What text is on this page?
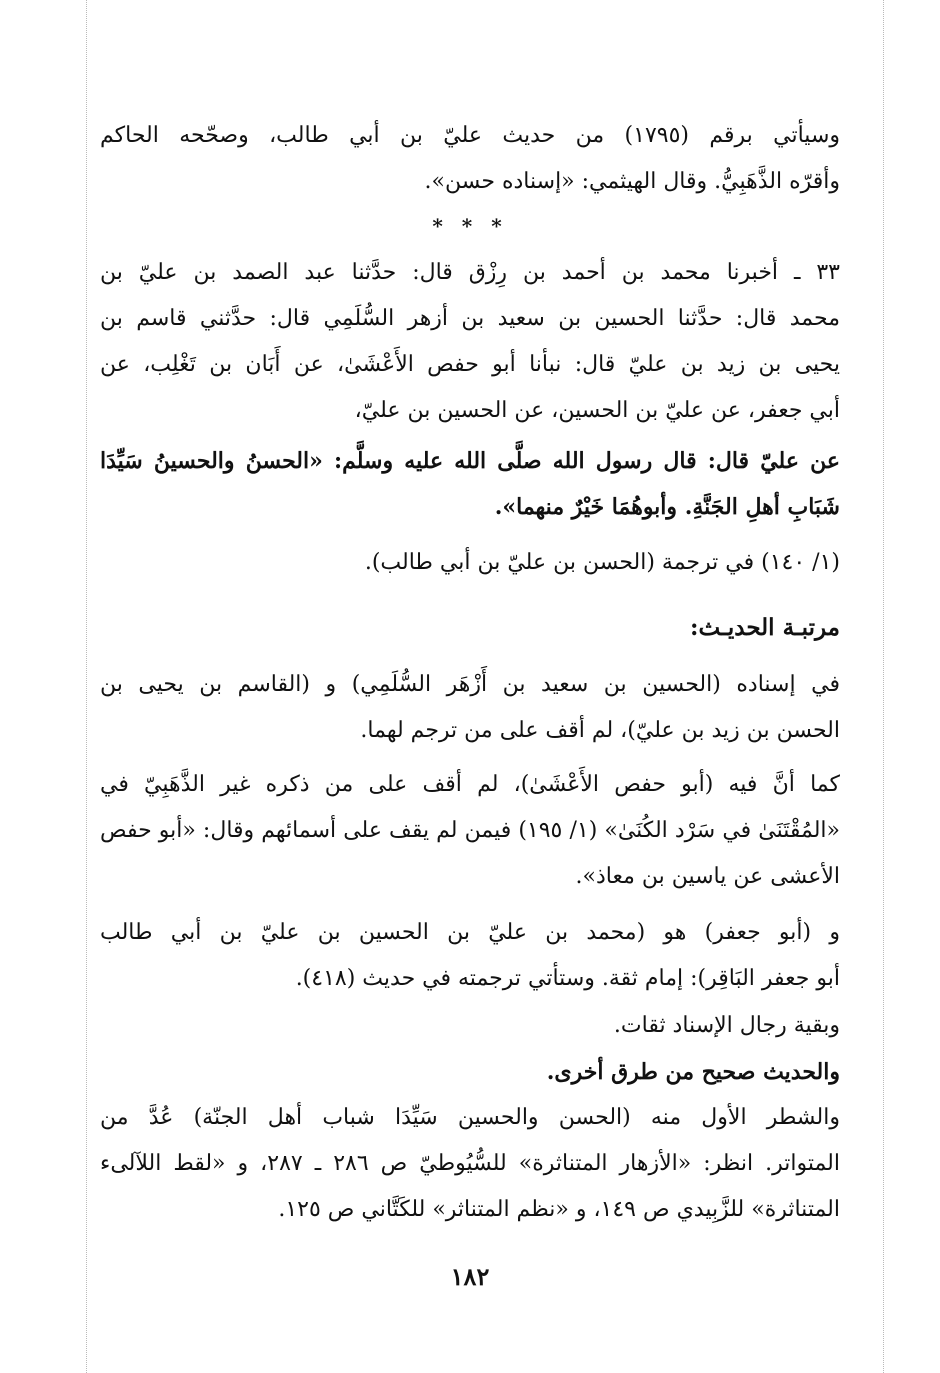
وسيأتي برقم (١٧٩٥) من حديث عليّ بن أبي طالب، وصحّحه الحاكم
وأقرّه الذَّهَبِيُّ. وقال الهيثمي: «إسناده حسن».
* * *
٣٣ ـ أخبرنا محمد بن أحمد بن رِزْق قال: حدَّثنا عبد الصمد بن عليّ بن
محمد قال: حدَّثنا الحسين بن سعيد بن أزهر السُّلَمِي قال: حدَّثني قاسم بن
يحيى بن زيد بن عليّ قال: نبأنا أبو حفص الأَعْشَىٰ، عن أَبَان بن تَغْلِب، عن
أبي جعفر، عن عليّ بن الحسين، عن الحسين بن عليّ،
عن عليّ قال: قال رسول الله صلَّى الله عليه وسلَّم: «الحسنُ والحسينُ سَيِّدَا
شَبَابِ أهلِ الجَنَّةِ. وأبوهُمَا خَيْرٌ منهما».
(١/ ١٤٠) في ترجمة (الحسن بن عليّ بن أبي طالب).
مرتبـة الحديـث:
في إسناده (الحسين بن سعيد بن أَزْهَر السُّلَمِي) و (القاسم بن يحيى بن
الحسن بن زيد بن عليّ)، لم أقف على من ترجم لهما.
كما أنَّ فيه (أبو حفص الأَعْشَىٰ)، لم أقف على من ذكره غير الذَّهَبِيّ في
«المُقْتَنَىٰ في سَرْد الكُنَىٰ» (١/ ١٩٥) فيمن لم يقف على أسمائهم وقال: «أبو حفص
الأعشى عن ياسين بن معاذ».
و (أبو جعفر) هو (محمد بن عليّ بن الحسين بن عليّ بن أبي طالب
أبو جعفر البَاقِر): إمام ثقة. وستأتي ترجمته في حديث (٤١٨).
وبقية رجال الإسناد ثقات.
والحديث صحيح من طرق أخرى.
والشطر الأول منه (الحسن والحسين سَيِّدَا شباب أهل الجنّة) عُدَّ من
المتواتر. انظر: «الأزهار المتناثرة» للسُّيُوطيّ ص ٢٨٦ ـ ٢٨٧، و «لقط اللآلىء
المتناثرة» للزَّبِيدي ص ١٤٩، و «نظم المتناثر» للكَتَّاني ص ١٢٥.
١٨٢
